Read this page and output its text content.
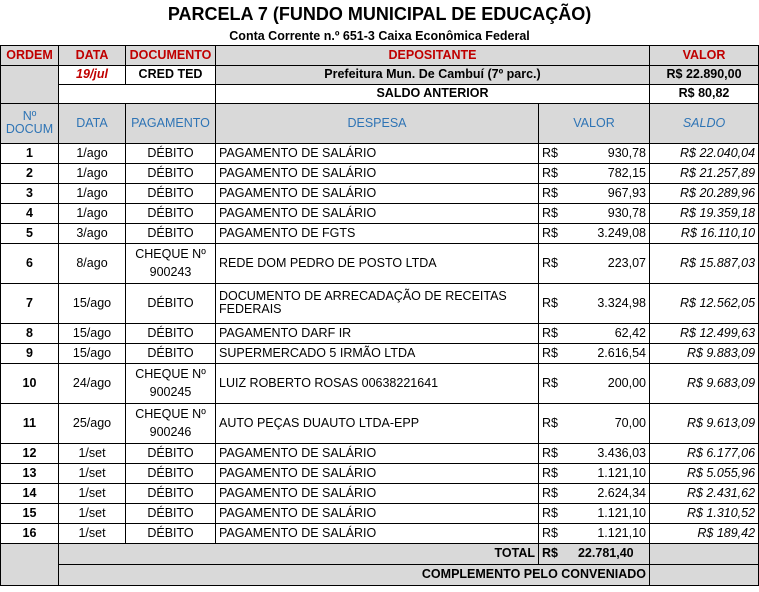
PARCELA 7 (FUNDO MUNICIPAL DE EDUCAÇÃO)					
Conta Corrente n.º 651-3 Caixa Econômica Federal					
ORDEM	DATA	DOCUMENTO	DEPOSITANTE		VALOR
	19/jul	CRED TED	Prefeitura Mun. De Cambuí (7º parc.)		R$ 22.890,00
			SALDO ANTERIOR		R$ 80,82
Nº DOCUM	DATA	PAGAMENTO	DESPESA	VALOR	SALDO
1	1/ago	DÉBITO	PAGAMENTO DE SALÁRIO	R$ 930,78	R$ 22.040,04
2	1/ago	DÉBITO	PAGAMENTO DE SALÁRIO	R$ 782,15	R$ 21.257,89
3	1/ago	DÉBITO	PAGAMENTO DE SALÁRIO	R$ 967,93	R$ 20.289,96
4	1/ago	DÉBITO	PAGAMENTO DE SALÁRIO	R$ 930,78	R$ 19.359,18
5	3/ago	DÉBITO	PAGAMENTO DE FGTS	R$ 3.249,08	R$ 16.110,10
6	8/ago	CHEQUE Nº 900243	REDE DOM PEDRO DE POSTO LTDA	R$ 223,07	R$ 15.887,03
7	15/ago	DÉBITO	DOCUMENTO DE ARRECADAÇÃO DE RECEITAS FEDERAIS	R$ 3.324,98	R$ 12.562,05
8	15/ago	DÉBITO	PAGAMENTO DARF IR	R$ 62,42	R$ 12.499,63
9	15/ago	DÉBITO	SUPERMERCADO 5 IRMÃO LTDA	R$ 2.616,54	R$ 9.883,09
10	24/ago	CHEQUE Nº 900245	LUIZ ROBERTO ROSAS 00638221641	R$ 200,00	R$ 9.683,09
11	25/ago	CHEQUE Nº 900246	AUTO PEÇAS DUAUTO LTDA-EPP	R$ 70,00	R$ 9.613,09
12	1/set	DÉBITO	PAGAMENTO DE SALÁRIO	R$ 3.436,03	R$ 6.177,06
13	1/set	DÉBITO	PAGAMENTO DE SALÁRIO	R$ 1.121,10	R$ 5.055,96
14	1/set	DÉBITO	PAGAMENTO DE SALÁRIO	R$ 2.624,34	R$ 2.431,62
15	1/set	DÉBITO	PAGAMENTO DE SALÁRIO	R$ 1.121,10	R$ 1.310,52
16	1/set	DÉBITO	PAGAMENTO DE SALÁRIO	R$ 1.121,10	R$ 189,42
	TOTAL			R$ 22.781,40	

	COMPLEMENTO PELO CONVENIADO				
